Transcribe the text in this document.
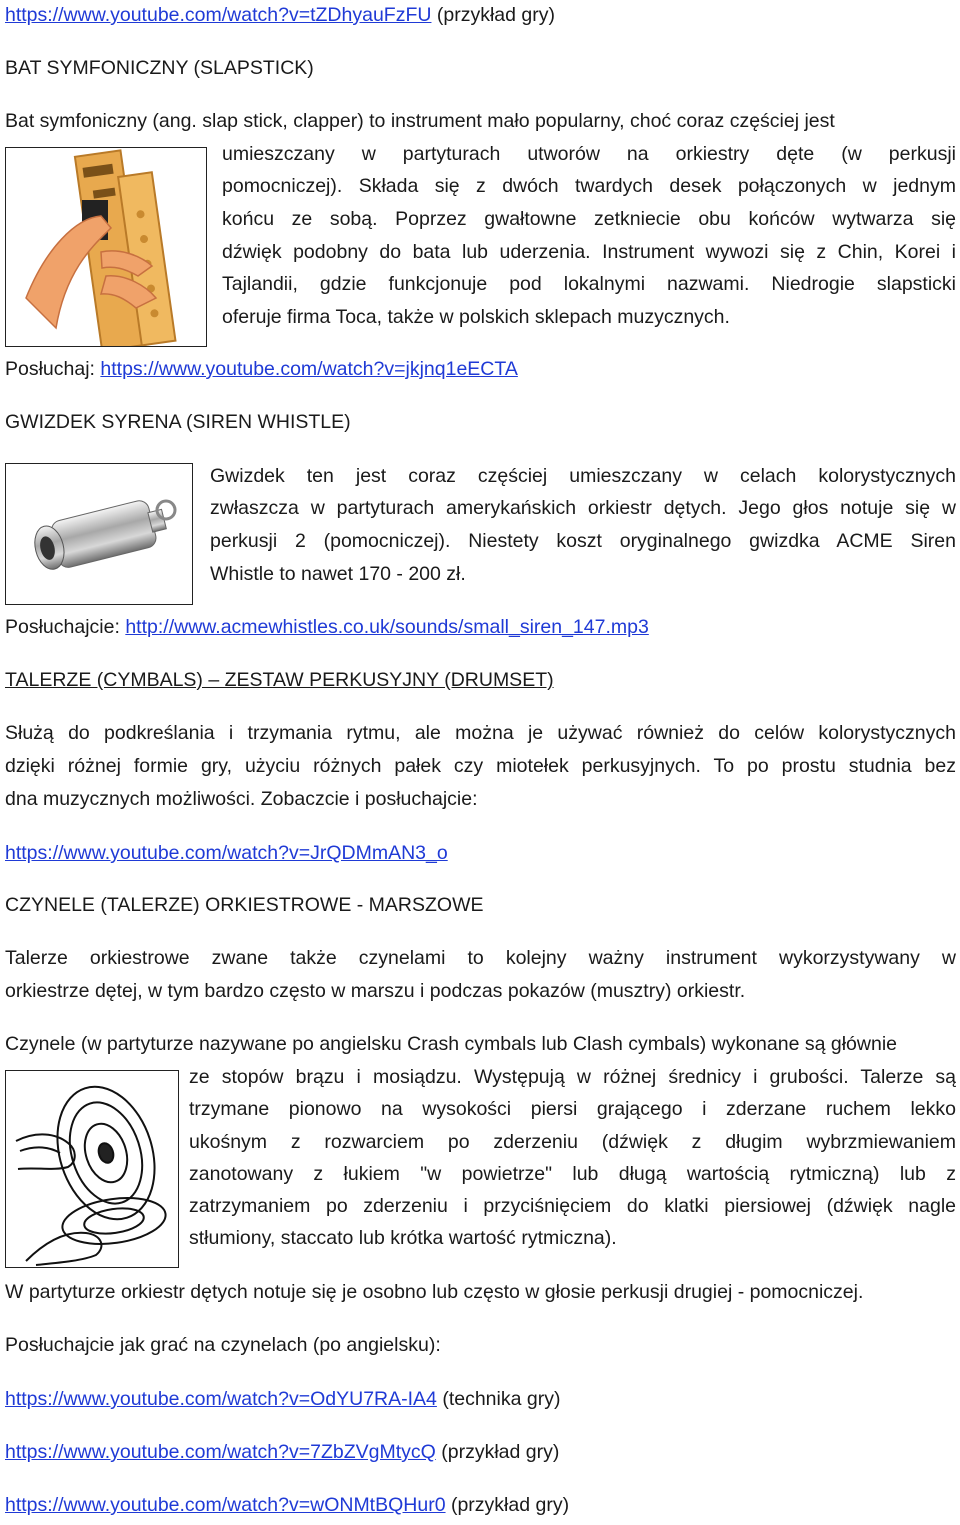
https://www.youtube.com/watch?v=tZDhyauFzFU (przykład gry)
BAT SYMFONICZNY (SLAPSTICK)
Bat symfoniczny (ang. slap stick, clapper) to instrument mało popularny, choć coraz częściej jest
umieszczany w partyturach utworów na orkiestry dęte (w perkusji
pomocniczej). Składa się z dwóch twardych desek połączonych w jednym
końcu ze sobą. Poprzez gwałtowne zetkniecie obu końców wytwarza się
dźwięk podobny do bata lub uderzenia. Instrument wywozi się z Chin, Korei i
Tajlandii, gdzie funkcjonuje pod lokalnymi nazwami. Niedrogie slapsticki
oferuje firma Toca, także w polskich sklepach muzycznych.
Posłuchaj: https://www.youtube.com/watch?v=jkjnq1eECTA
GWIZDEK SYRENA (SIREN WHISTLE)
Gwizdek ten jest coraz częściej umieszczany w celach kolorystycznych
zwłaszcza w partyturach amerykańskich orkiestr dętych. Jego głos notuje się w
perkusji 2 (pomocniczej). Niestety koszt oryginalnego gwizdka ACME Siren
Whistle to nawet 170 - 200 zł.
Posłuchajcie: http://www.acmewhistles.co.uk/sounds/small_siren_147.mp3
TALERZE (CYMBALS) – ZESTAW PERKUSYJNY (DRUMSET)
Służą do podkreślania i trzymania rytmu, ale można je używać również do celów kolorystycznych
dzięki różnej formie gry, użyciu różnych pałek czy miotełek perkusyjnych. To po prostu studnia bez
dna muzycznych możliwości. Zobaczcie i posłuchajcie:
https://www.youtube.com/watch?v=JrQDMmAN3_o
CZYNELE (TALERZE) ORKIESTROWE - MARSZOWE
Talerze orkiestrowe zwane także czynelami to kolejny ważny instrument wykorzystywany w
orkiestrze dętej, w tym bardzo często w marszu i podczas pokazów (musztry) orkiestr.
Czynele (w partyturze nazywane po angielsku Crash cymbals lub Clash cymbals) wykonane są głównie
ze stopów brązu i mosiądzu. Występują w różnej średnicy i grubości. Talerze są
trzymane pionowo na wysokości piersi grającego i zderzane ruchem lekko
ukośnym z rozwarciem po zderzeniu (dźwięk z długim wybrzmiewaniem
zanotowany z łukiem "w powietrze" lub długą wartością rytmiczną) lub z
zatrzymaniem po zderzeniu i przyciśnięciem do klatki piersiowej (dźwięk nagle
stłumiony, staccato lub krótka wartość rytmiczna).
W partyturze orkiestr dętych notuje się je osobno lub często w głosie perkusji drugiej - pomocniczej.
Posłuchajcie jak grać na czynelach (po angielsku):
https://www.youtube.com/watch?v=OdYU7RA-IA4 (technika gry)
https://www.youtube.com/watch?v=7ZbZVgMtycQ (przykład gry)
https://www.youtube.com/watch?v=wONMtBQHur0 (przykład gry)
